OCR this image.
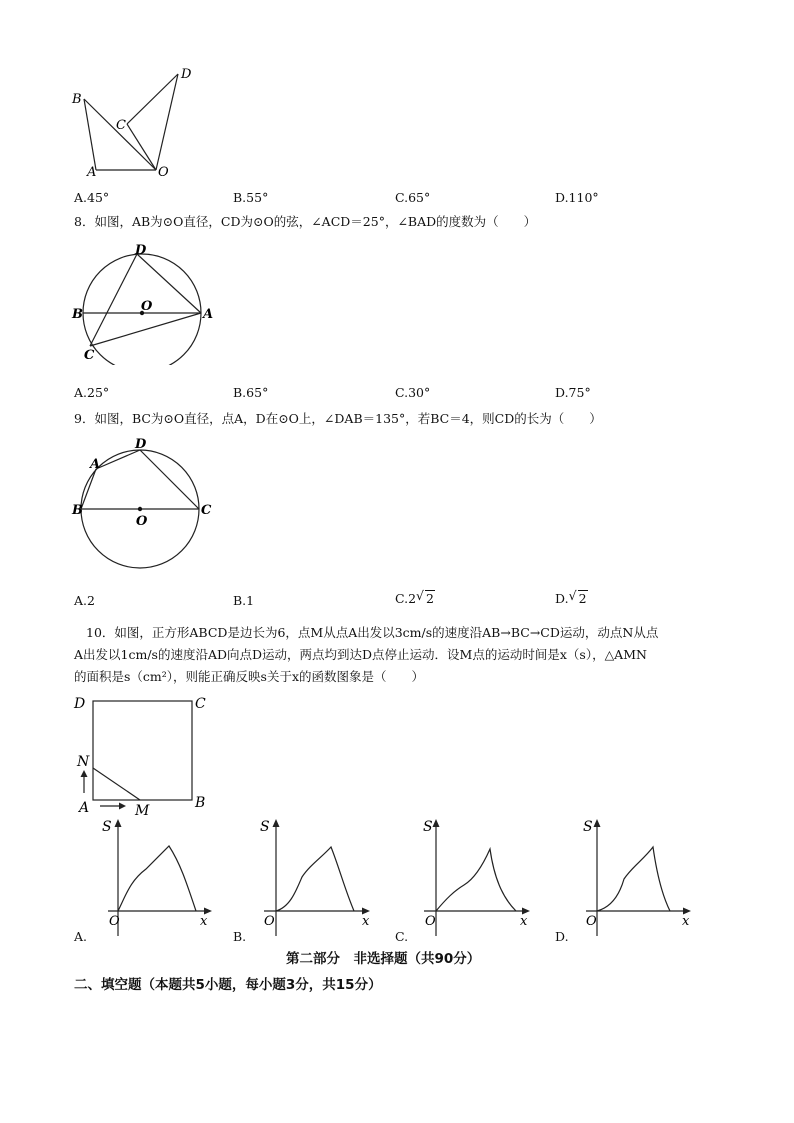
B
C
A	O
D
A.45°	B.55°	C.65°	D.110°
8．如图，AB为⊙O直径，CD为⊙O的弦，∠ACD＝25°，∠BAD的度数为（　　）
D
O
B	A
C
A.25°	B.65°	C.30°	D.75°
9．如图，BC为⊙O直径，点A，D在⊙O上，∠DAB＝135°，若BC＝4，则CD的长为（　　）
D
A
B
O
C
A.2	B.1	C.2 √ 2	D. √ 2
10．如图，正方形ABCD是边长为6，点M从点A出发以3cm/s的速度沿AB→BC→CD运动，动点N从点
A出发以1cm/s的速度沿AD向点D运动，两点均到达D点停止运动．设M点的运动时间是x（s），△AMN
的面积是s（cm²），则能正确反映s关于x的函数图象是（　　）
D	C
N
A	M	B
S
O	x
S
O	x
S
O	x
S
O	x
A.	B.	C.	D.
第二部分　非选择题（共90分）
二、填空题（本题共5小题，每小题3分，共15分）
